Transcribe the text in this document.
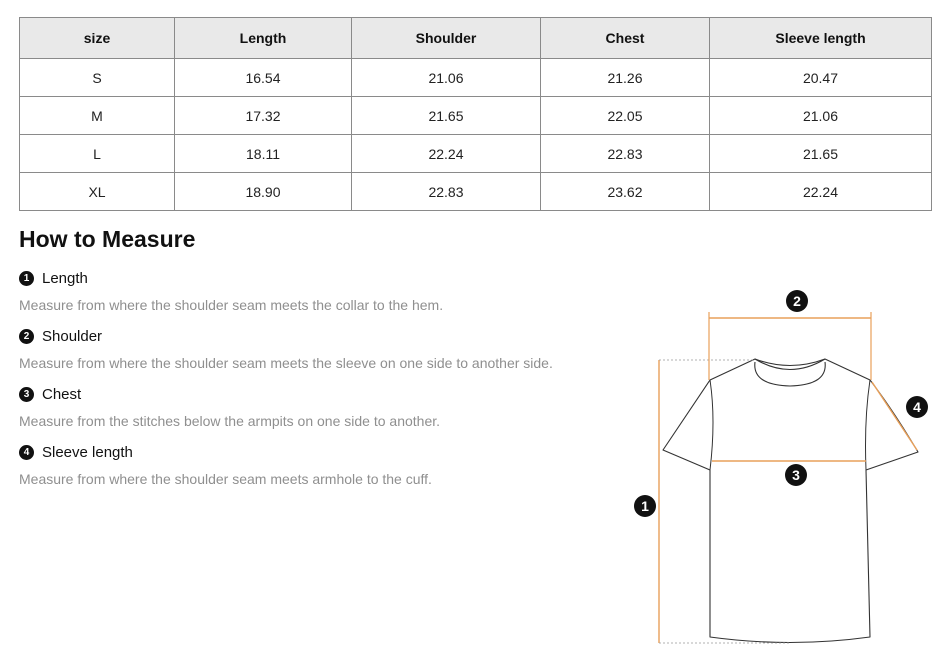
size	Length	Shoulder	Chest	Sleeve length
S	16.54	21.06	21.26	20.47
M	17.32	21.65	22.05	21.06
L	18.11	22.24	22.83	21.65
XL	18.90	22.83	23.62	22.24
How to Measure
1 Length
Measure from where the shoulder seam meets the collar to the hem.
2 Shoulder
Measure from where the shoulder seam meets the sleeve on one side to another side.
3 Chest
Measure from the stitches below the armpits on one side to another.
4 Sleeve length
Measure from where the shoulder seam meets armhole to the cuff.
1
2
3
4
